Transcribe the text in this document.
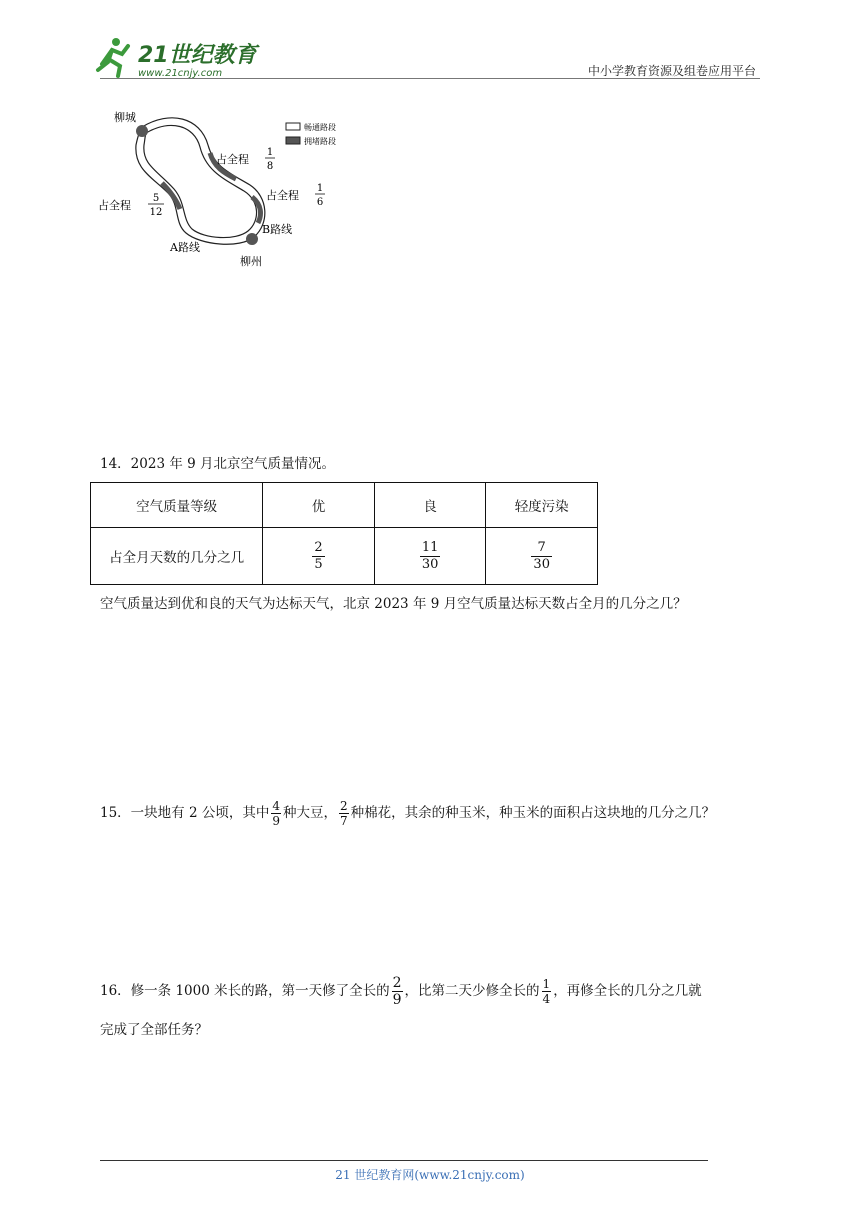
21世纪教育
www.21cnjy.com	中小学教育资源及组卷应用平台
柳城
柳州
畅通路段
拥堵路段
占全程
1
8
占全程
1
6
占全程
5
12
A路线
B路线
14．2023 年 9 月北京空气质量情况。
空气质量等级	优	良	轻度污染
占全月天数的几分之几	$\frac{2}{5}$	$\frac{11}{30}$	$\frac{7}{30}$
空气质量达到优和良的天气为达标天气，北京 2023 年 9 月空气质量达标天数占全月的几分之几？
15．一块地有 2 公顷，其中 $\frac{4}{9}$ 种大豆， $\frac{2}{7}$ 种棉花，其余的种玉米，种玉米的面积占这块地的几分之几？
16．修一条 1000 米长的路，第一天修了全长的 $\frac{2}{9}$ ，比第二天少修全长的 $\frac{1}{4}$ ，再修全长的几分之几就
完成了全部任务？
21 世纪教育网(www.21cnjy.com)
